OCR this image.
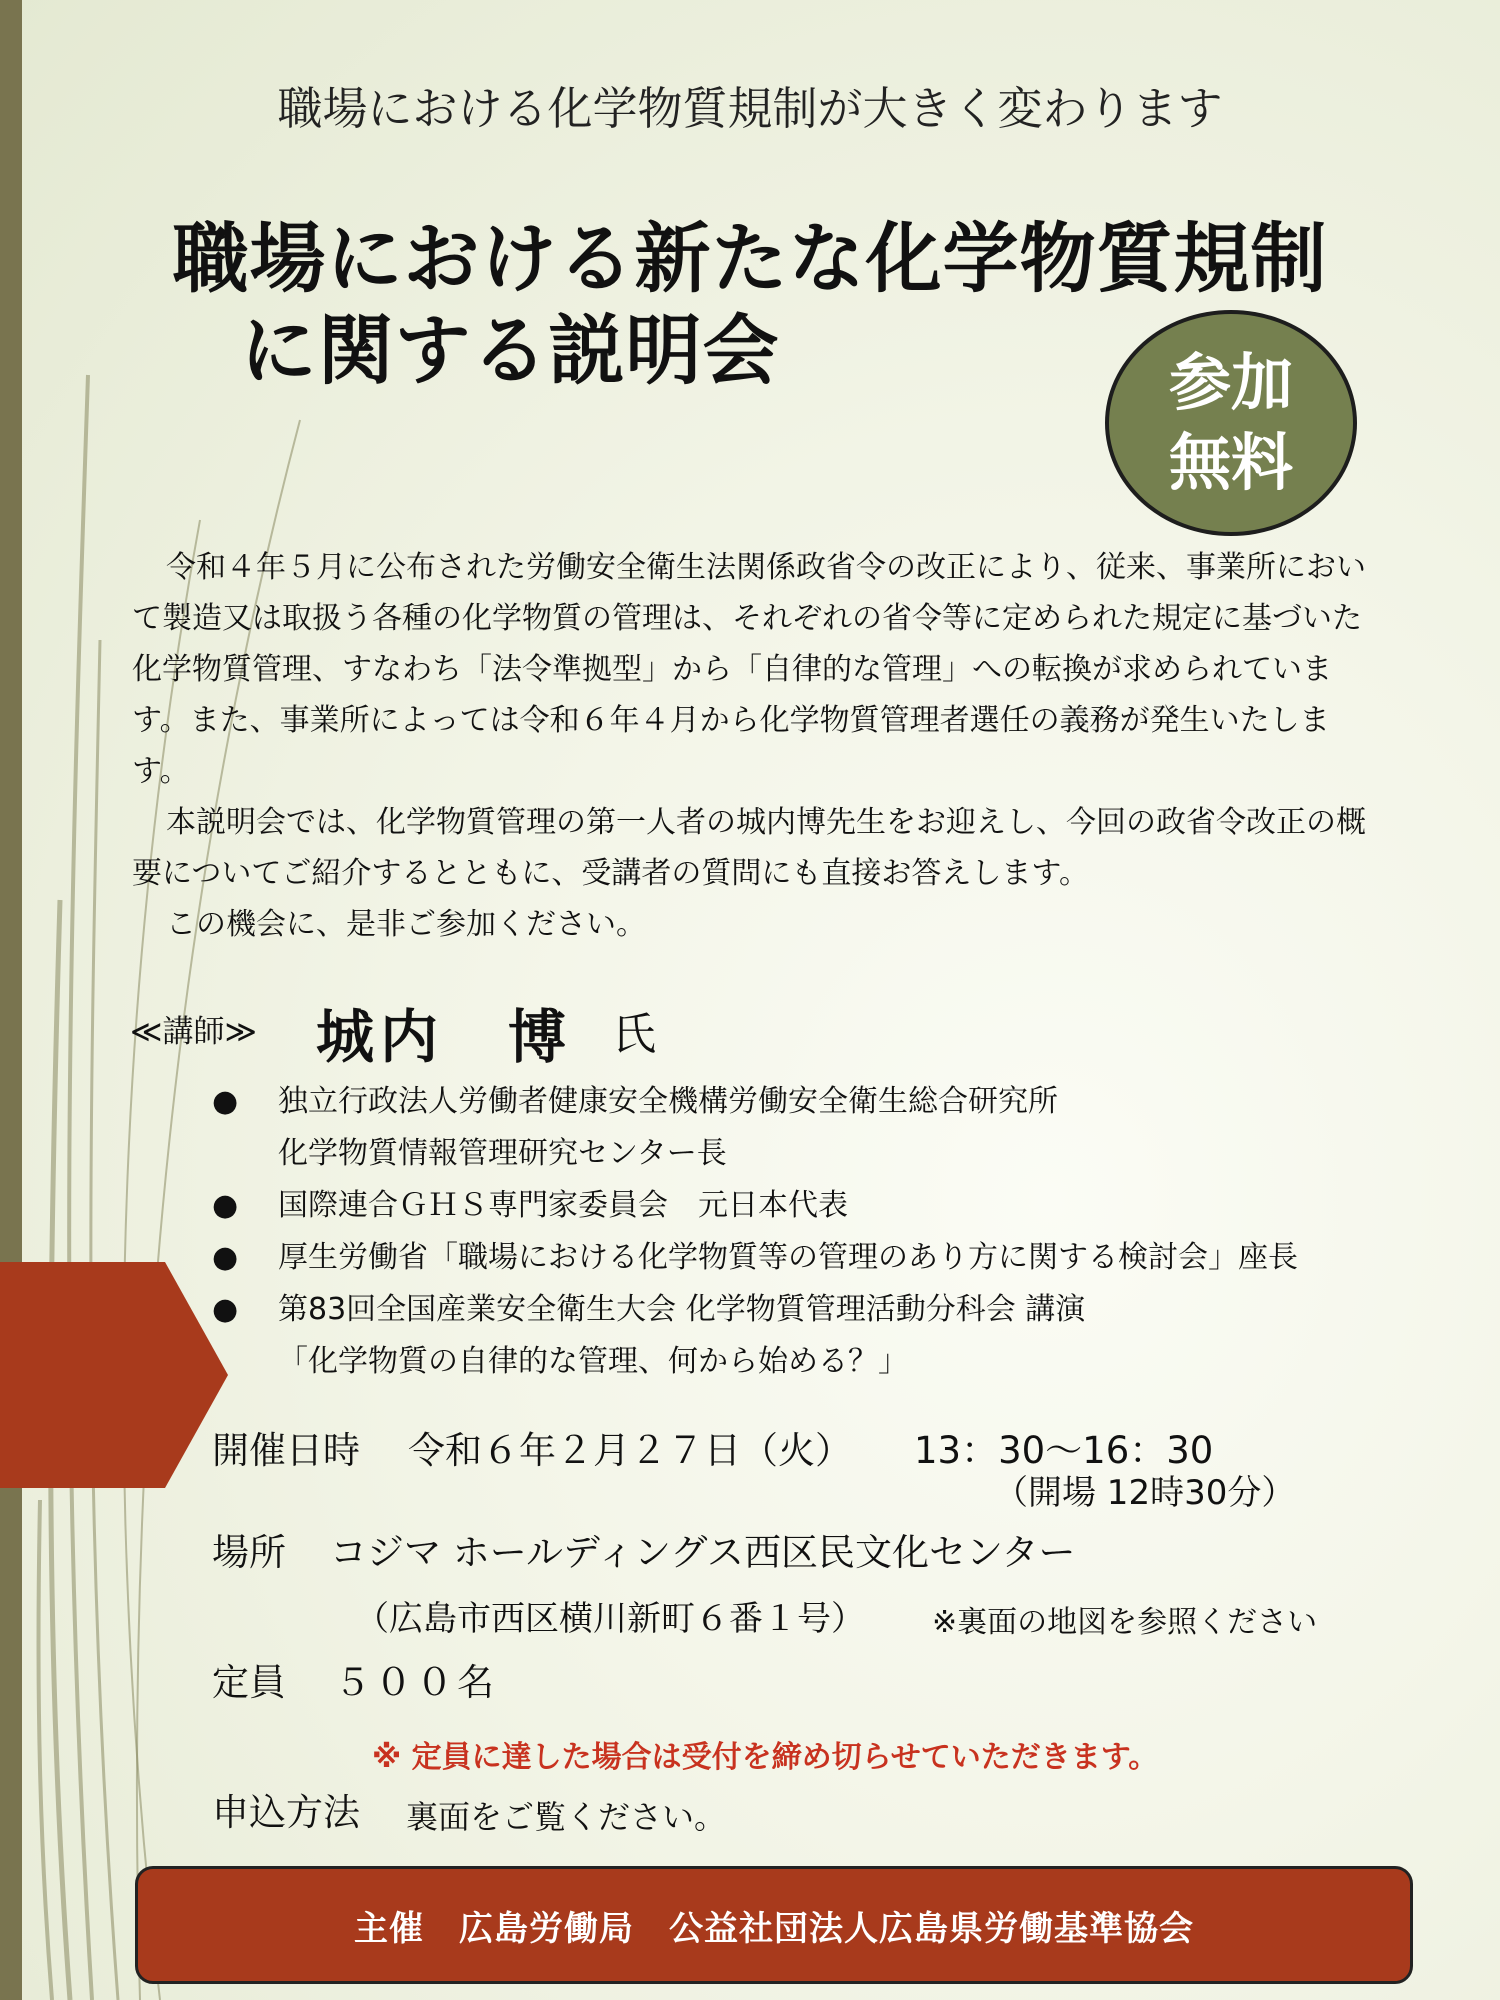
職場における化学物質規制が大きく変わります
職場における新たな化学物質規制
に関する説明会	参加
無料

令和４年５月に公布された労働安全衛生法関係政省令の改正により、従来、事業所において製造又は取扱う各種の化学物質の管理は、それぞれの省令等に定められた規定に基づいた化学物質管理、すなわち「法令準拠型」から「自律的な管理」への転換が求められています。また、事業所によっては令和６年４月から化学物質管理者選任の義務が発生いたします。

本説明会では、化学物質管理の第一人者の城内博先生をお迎えし、今回の政省令改正の概要についてご紹介するとともに、受講者の質問にも直接お答えします。

この機会に、是非ご参加ください。

≪講師≫ 城内　博 氏
● 独立行政法人労働者健康安全機構労働安全衛生総合研究所
化学物質情報管理研究センター長
● 国際連合ＧＨＳ専門家委員会　元日本代表
● 厚生労働省「職場における化学物質等の管理のあり方に関する検討会」座長
● 第83回全国産業安全衛生大会 化学物質管理活動分科会 講演
「化学物質の自律的な管理、何から始める？」
開催日時 令和６年２月２７日（火） 13：30～16：30
（開場 12時30分）
場所 コジマ ホールディングス西区民文化センター
（広島市西区横川新町６番１号） ※裏面の地図を参照ください
定員 ５００名
※ 定員に達した場合は受付を締め切らせていただきます。
申込方法 裏面をご覧ください。
主催　広島労働局　公益社団法人広島県労働基準協会
